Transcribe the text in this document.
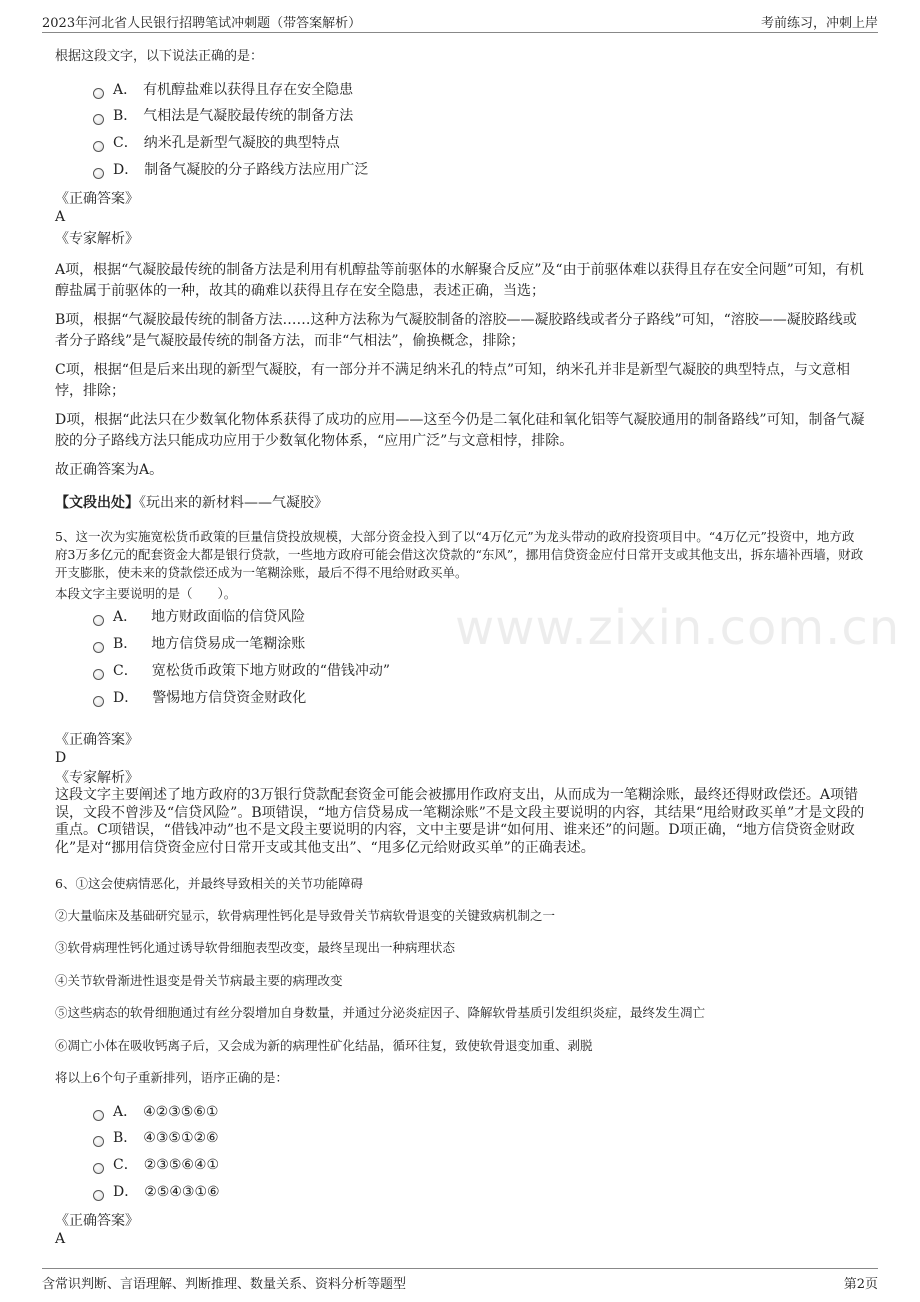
2023年河北省人民银行招聘笔试冲刺题（带答案解析）	考前练习，冲刺上岸
www.zixin.com.cn
根据这段文字，以下说法正确的是：
A． 有机醇盐难以获得且存在安全隐患
B． 气相法是气凝胶最传统的制备方法
C． 纳米孔是新型气凝胶的典型特点
D． 制备气凝胶的分子路线方法应用广泛
《正确答案》
A
《专家解析》
A项，根据“气凝胶最传统的制备方法是利用有机醇盐等前驱体的水解聚合反应”及“由于前驱体难以获得且存在安全问题”可知，有机醇盐属于前驱体的一种，故其的确难以获得且存在安全隐患，表述正确，当选；
B项，根据“气凝胶最传统的制备方法……这种方法称为气凝胶制备的溶胶——凝胶路线或者分子路线”可知，“溶胶——凝胶路线或者分子路线”是气凝胶最传统的制备方法，而非“气相法”，偷换概念，排除；
C项，根据“但是后来出现的新型气凝胶，有一部分并不满足纳米孔的特点”可知，纳米孔并非是新型气凝胶的典型特点，与文意相悖，排除；
D项，根据“此法只在少数氧化物体系获得了成功的应用——这至今仍是二氧化硅和氧化铝等气凝胶通用的制备路线”可知，制备气凝胶的分子路线方法只能成功应用于少数氧化物体系，“应用广泛”与文意相悖，排除。
故正确答案为A。
【文段出处】《玩出来的新材料——气凝胶》
5、这一次为实施宽松货币政策的巨量信贷投放规模，大部分资金投入到了以“4万亿元”为龙头带动的政府投资项目中。“4万亿元”投资中，地方政府3万多亿元的配套资金大都是银行贷款，一些地方政府可能会借这次贷款的“东风”，挪用信贷资金应付日常开支或其他支出，拆东墙补西墙，财政开支膨胀，使未来的贷款偿还成为一笔糊涂账，最后不得不甩给财政买单。
本段文字主要说明的是（　　）。
A． 地方财政面临的信贷风险
B． 地方信贷易成一笔糊涂账
C． 宽松货币政策下地方财政的“借钱冲动”
D． 警惕地方信贷资金财政化
《正确答案》
D
《专家解析》
这段文字主要阐述了地方政府的3万银行贷款配套资金可能会被挪用作政府支出，从而成为一笔糊涂账，最终还得财政偿还。A项错误，文段不曾涉及“信贷风险”。B项错误，“地方信贷易成一笔糊涂账”不是文段主要说明的内容，其结果“甩给财政买单”才是文段的重点。C项错误，“借钱冲动”也不是文段主要说明的内容，文中主要是讲“如何用、谁来还”的问题。D项正确，“地方信贷资金财政化”是对“挪用信贷资金应付日常开支或其他支出”、“甩多亿元给财政买单”的正确表述。
6、①这会使病情恶化，并最终导致相关的关节功能障碍
②大量临床及基础研究显示，软骨病理性钙化是导致骨关节病软骨退变的关键致病机制之一
③软骨病理性钙化通过诱导软骨细胞表型改变，最终呈现出一种病理状态
④关节软骨渐进性退变是骨关节病最主要的病理改变
⑤这些病态的软骨细胞通过有丝分裂增加自身数量，并通过分泌炎症因子、降解软骨基质引发组织炎症，最终发生凋亡
⑥凋亡小体在吸收钙离子后，又会成为新的病理性矿化结晶，循环往复，致使软骨退变加重、剥脱
将以上6个句子重新排列，语序正确的是：
A． ④②③⑤⑥①
B． ④③⑤①②⑥
C． ②③⑤⑥④①
D． ②⑤④③①⑥
《正确答案》
A
含常识判断、言语理解、判断推理、数量关系、资料分析等题型	第2页
